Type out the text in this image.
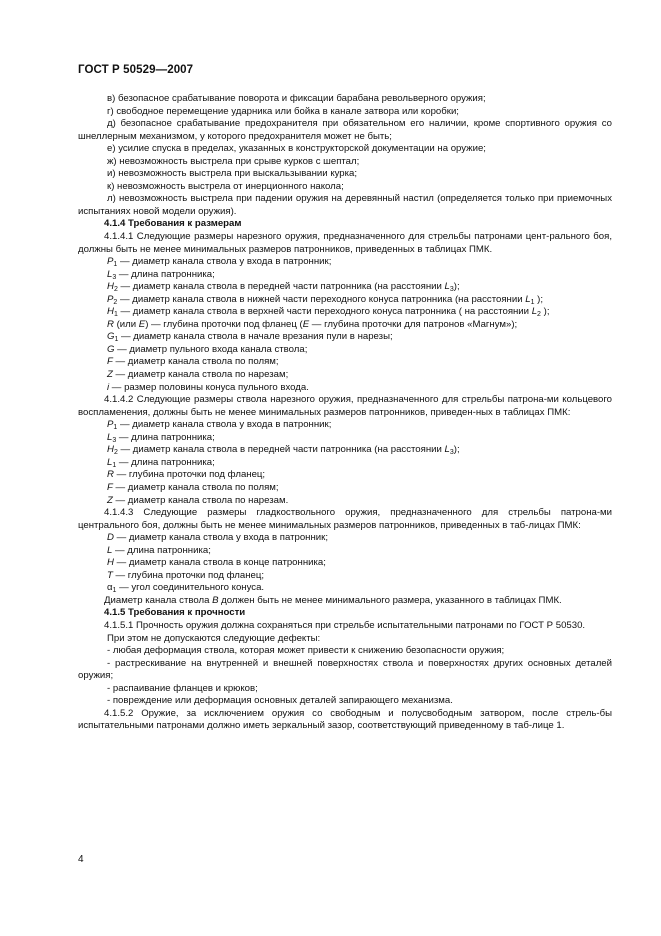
ГОСТ Р 50529—2007

в) безопасное срабатывание поворота и фиксации барабана револьверного оружия;

г) свободное перемещение ударника или бойка в канале затвора или коробки;

д) безопасное срабатывание предохранителя при обязательном его наличии, кроме спортивного оружия со шнеллерным механизмом, у которого предохранителя может не быть;

е) усилие спуска в пределах, указанных в конструкторской документации на оружие;

ж) невозможность выстрела при срыве курков с шептал;

и) невозможность выстрела при выскальзывании курка;

к) невозможность выстрела от инерционного накола;

л) невозможность выстрела при падении оружия на деревянный настил (определяется только при приемочных испытаниях новой модели оружия).

4.1.4 Требования к размерам

4.1.4.1 Следующие размеры нарезного оружия, предназначенного для стрельбы патронами цент-рального боя, должны быть не менее минимальных размеров патронников, приведенных в таблицах ПМК.

$P_1$ — диаметр канала ствола у входа в патронник;

$L_3$ — длина патронника;

$H_2$ — диаметр канала ствола в передней части патронника (на расстоянии $L_3$);

$P_2$ — диаметр канала ствола в нижней части переходного конуса патронника (на расстоянии $L_1$ );

$H_1$ — диаметр канала ствола в верхней части переходного конуса патронника ( на расстоянии $L_2$ );

R (или E) — глубина проточки под фланец (E — глубина проточки для патронов «Магнум»);

$G_1$ — диаметр канала ствола в начале врезания пули в нарезы;

G — диаметр пульного входа канала ствола;

F — диаметр канала ствола по полям;

Z — диаметр канала ствола по нарезам;

i — размер половины конуса пульного входа.

4.1.4.2 Следующие размеры ствола нарезного оружия, предназначенного для стрельбы патрона-ми кольцевого воспламенения, должны быть не менее минимальных размеров патронников, приведен-ных в таблицах ПМК:

$P_1$ — диаметр канала ствола у входа в патронник;

$L_3$ — длина патронника;

$H_2$ — диаметр канала ствола в передней части патронника (на расстоянии $L_3$);

$L_1$ — длина патронника;

R — глубина проточки под фланец;

F — диаметр канала ствола по полям;

Z — диаметр канала ствола по нарезам.

4.1.4.3 Следующие размеры гладкоствольного оружия, предназначенного для стрельбы патрона-ми центрального боя, должны быть не менее минимальных размеров патронников, приведенных в таб-лицах ПМК:

D — диаметр канала ствола у входа в патронник;

L — длина патронника;

H — диаметр канала ствола в конце патронника;

T — глубина проточки под фланец;

$\alpha_1$ — угол соединительного конуса.

Диаметр канала ствола B должен быть не менее минимального размера, указанного в таблицах ПМК.

4.1.5 Требования к прочности

4.1.5.1 Прочность оружия должна сохраняться при стрельбе испытательными патронами по ГОСТ Р 50530.

При этом не допускаются следующие дефекты:

- любая деформация ствола, которая может привести к снижению безопасности оружия;

- растрескивание на внутренней и внешней поверхностях ствола и поверхностях других основных деталей оружия;

- распаивание фланцев и крюков;

- повреждение или деформация основных деталей запирающего механизма.

4.1.5.2 Оружие, за исключением оружия со свободным и полусвободным затвором, после стрель-бы испытательными патронами должно иметь зеркальный зазор, соответствующий приведенному в таб-лице 1.

4
